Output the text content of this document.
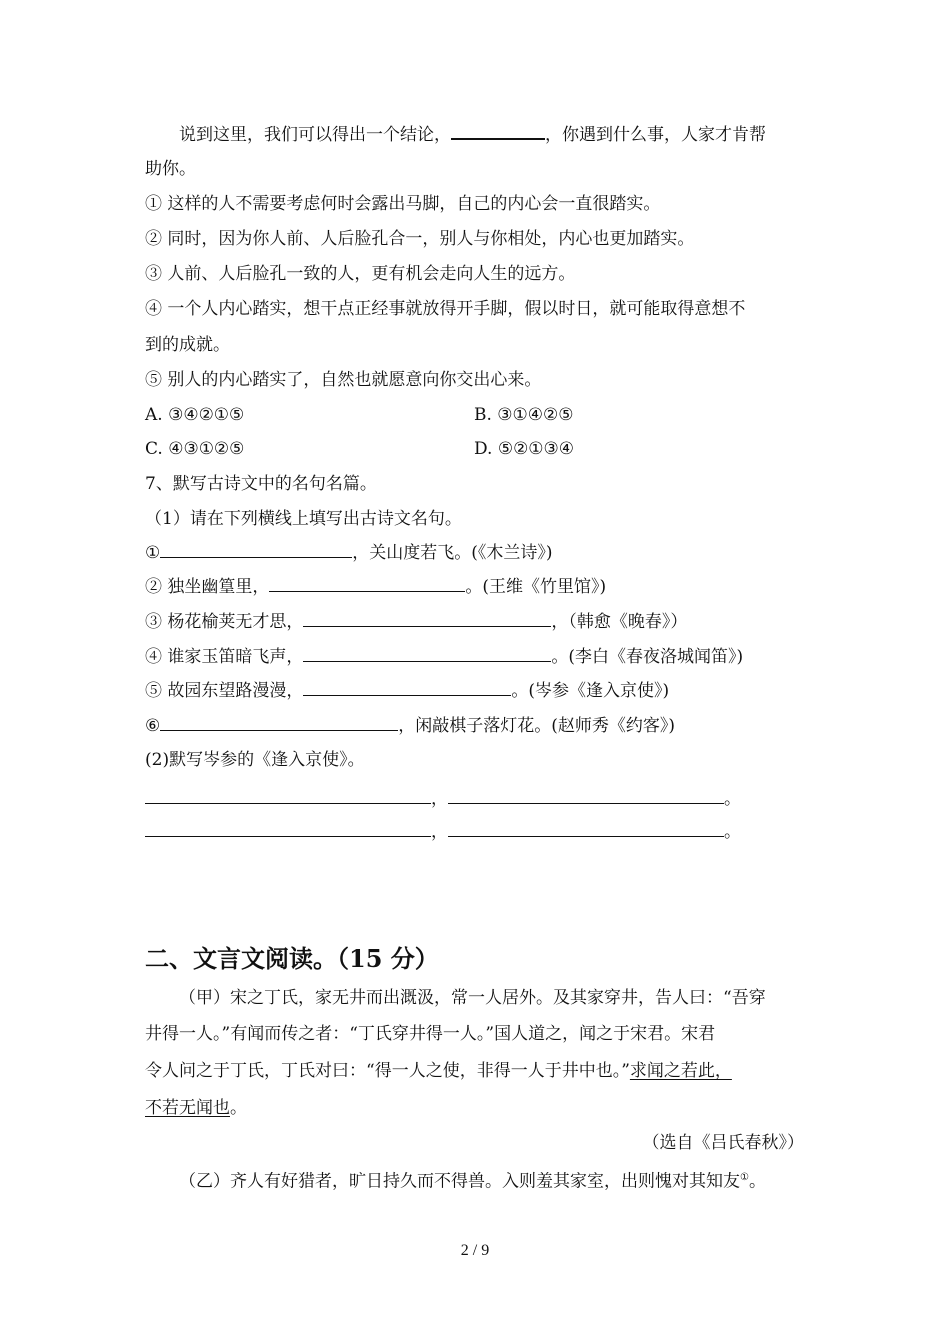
说到这里，我们可以得出一个结论，	，你遇到什么事，人家才肯帮
助你。
① 这样的人不需要考虑何时会露出马脚，自己的内心会一直很踏实。
② 同时，因为你人前、人后脸孔合一，别人与你相处，内心也更加踏实。
③ 人前、人后脸孔一致的人，更有机会走向人生的远方。
④ 一个人内心踏实，想干点正经事就放得开手脚，假以时日，就可能取得意想不
到的成就。
⑤ 别人的内心踏实了，自然也就愿意向你交出心来。
A. ③④②①⑤	B. ③①④②⑤
C. ④③①②⑤	D. ⑤②①③④
7、默写古诗文中的名句名篇。
（1）请在下列横线上填写出古诗文名句。
①	，关山度若飞。(《木兰诗》)
② 独坐幽篁里，	。(王维《竹里馆》)
③ 杨花榆荚无才思，	，（韩愈《晚春》）
④ 谁家玉笛暗飞声，	。(李白《春夜洛城闻笛》)
⑤ 故园东望路漫漫，	。(岑参《逢入京使》)
⑥	，闲敲棋子落灯花。(赵师秀《约客》)
(2)默写岑参的《逢入京使》。
，	。
，	。
二、文言文阅读。（15 分）
（甲）宋之丁氏，家无井而出溉汲，常一人居外。及其家穿井，告人曰：“吾穿
井得一人。”有闻而传之者：“丁氏穿井得一人。”国人道之，闻之于宋君。宋君
令人问之于丁氏，丁氏对曰：“得一人之使，非得一人于井中也。”求闻之若此，
不若无闻也。
（选自《吕氏春秋》）
（乙）齐人有好猎者，旷日持久而不得兽。入则羞其家室，出则愧对其知友①。
2 / 9
